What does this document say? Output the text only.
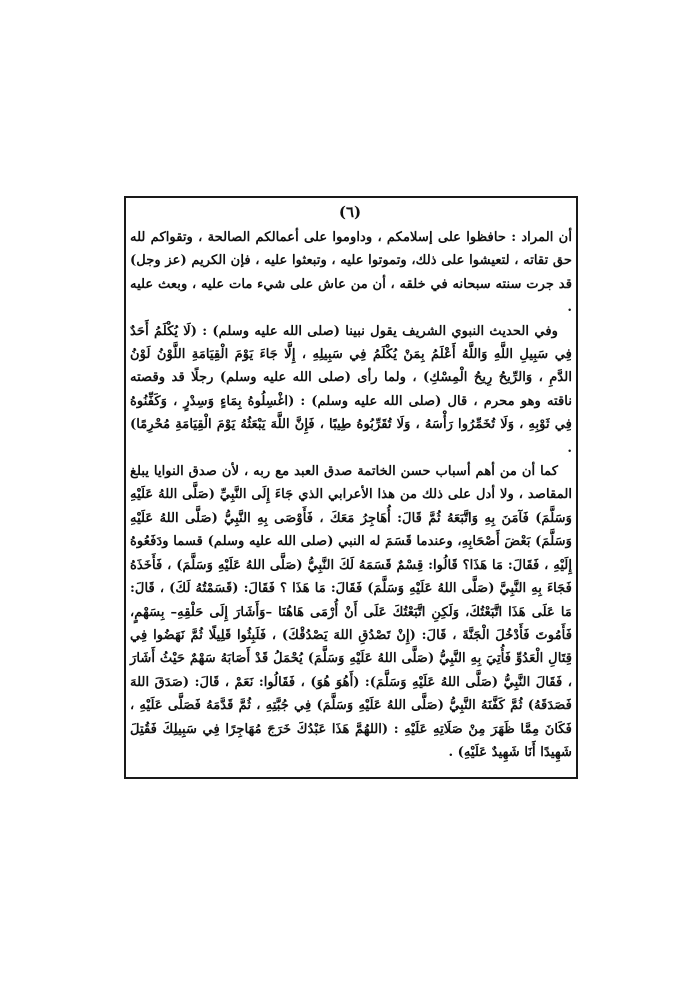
(٦)

أن المراد : حافظوا على إسلامكم ، وداوموا على أعمالكم الصالحة ، وتقواكم لله حق تقاته ، لتعيشوا على ذلك، وتموتوا عليه ، وتبعثوا عليه ، فإن الكريم (عز وجل) قد جرت سنته سبحانه في خلقه ، أن من عاش على شيء مات عليه ، وبعث عليه .

وفي الحديث النبوي الشريف يقول نبينا (صلى الله عليه وسلم) : (لَا يُكْلَمُ أَحَدٌ فِي سَبِيلِ اللَّهِ وَاللَّهُ أَعْلَمُ بِمَنْ يُكْلَمُ فِي سَبِيلِهِ ، إِلَّا جَاءَ يَوْمَ الْقِيَامَةِ اللَّوْنُ لَوْنُ الدَّمِ ، وَالرِّيحُ رِيحُ الْمِسْكِ) ، ولما رأى (صلى الله عليه وسلم) رجلًا قد وقصته ناقته وهو محرم ، قال (صلى الله عليه وسلم) : (اغْسِلُوهُ بِمَاءٍ وَسِدْرٍ ، وَكَفِّنُوهُ فِي ثَوْبِهِ ، وَلَا تُخَمِّرُوا رَأْسَهُ ، وَلَا تُقَرِّبُوهُ طِيبًا ، فَإِنَّ اللَّهَ يَبْعَثُهُ يَوْمَ الْقِيَامَةِ مُحْرِمًا) .

كما أن من أهم أسباب حسن الخاتمة صدق العبد مع ربه ، لأن صدق النوايا يبلغ المقاصد ، ولا أدل على ذلك من هذا الأعرابي الذي جَاءَ إِلَى النَّبِيِّ (صَلَّى اللهُ عَلَيْهِ وَسَلَّمَ) فَآمَنَ بِهِ وَاتَّبَعَهُ ثُمَّ قَالَ: أُهَاجِرُ مَعَكَ ، فَأَوْصَى بِهِ النَّبِيُّ (صَلَّى اللهُ عَلَيْهِ وَسَلَّمَ) بَعْضَ أَصْحَابِهِ، وعندما قَسَمَ له النبي (صلى الله عليه وسلم) قسما ودَفَعُوهُ إِلَيْهِ ، فَقَالَ: مَا هَذَا؟ قَالُوا: قِسْمٌ قَسَمَهُ لَكَ النَّبِيُّ (صَلَّى اللهُ عَلَيْهِ وَسَلَّمَ) ، فَأَخَذَهُ فَجَاءَ بِهِ النَّبِيَّ (صَلَّى اللهُ عَلَيْهِ وَسَلَّمَ) فَقَالَ: مَا هَذَا ؟ فَقَالَ: (قَسَمْتُهُ لَكَ) ، قَالَ: مَا عَلَى هَذَا اتَّبَعْتُكَ، وَلَكِنِ اتَّبَعْتُكَ عَلَى أَنْ أُرْمَى هَاهُنَا –وَأَشَارَ إِلَى حَلْقِهِ– بِسَهْمٍ، فَأَمُوتَ فَأَدْخُلَ الْجَنَّةَ ، قَالَ: (إِنْ تَصْدُقِ اللهَ يَصْدُقْكَ) ، فَلَبِثُوا قَلِيلًا ثُمَّ نَهَضُوا فِي قِتَالِ الْعَدُوِّ فَأُتِيَ بِهِ النَّبِيُّ (صَلَّى اللهُ عَلَيْهِ وَسَلَّمَ) يُحْمَلُ قَدْ أَصَابَهُ سَهْمٌ حَيْثُ أَشَارَ ، فَقَالَ النَّبِيُّ (صَلَّى اللهُ عَلَيْهِ وَسَلَّمَ): (أَهُوَ هُوَ) ، فَقَالُوا: نَعَمْ ، قَالَ: (صَدَقَ اللهَ فَصَدَقَهُ) ثُمَّ كَفَّنَهُ النَّبِيُّ (صَلَّى اللهُ عَلَيْهِ وَسَلَّمَ) فِي جُبَّتِهِ ، ثُمَّ قَدَّمَهُ فَصَلَّى عَلَيْهِ ، فَكَانَ مِمَّا ظَهَرَ مِنْ صَلَاتِهِ عَلَيْهِ : (اللهُمَّ هَذَا عَبْدُكَ خَرَجَ مُهَاجِرًا فِي سَبِيلِكَ فَقُتِلَ شَهِيدًا أَنَا شَهِيدٌ عَلَيْهِ) .
